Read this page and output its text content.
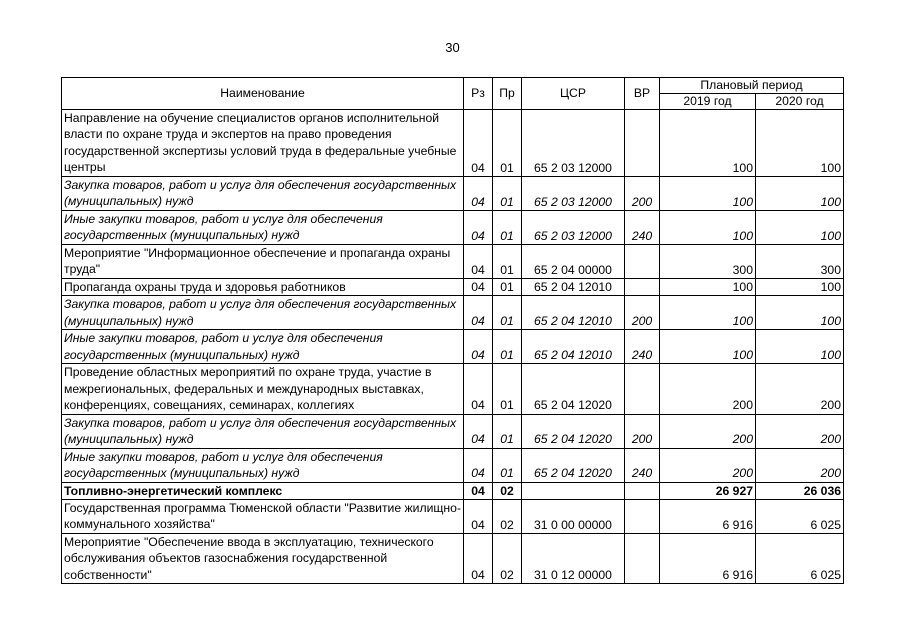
30
Наименование	Рз	Пр	ЦСР	ВР	Плановый период	
					2019 год	2020 год
Направление на обучение специалистов органов исполнительной власти по охране труда и экспертов на право проведения государственной экспертизы условий труда в федеральные учебные центры	04	01	65 2 03 12000		100	100
Закупка товаров, работ и услуг для обеспечения государственных (муниципальных) нужд	04	01	65 2 03 12000	200	100	100
Иные закупки товаров, работ и услуг для обеспечения государственных (муниципальных) нужд	04	01	65 2 03 12000	240	100	100
Мероприятие "Информационное обеспечение и пропаганда охраны труда"	04	01	65 2 04 00000		300	300
Пропаганда охраны труда и здоровья работников	04	01	65 2 04 12010		100	100
Закупка товаров, работ и услуг для обеспечения государственных (муниципальных) нужд	04	01	65 2 04 12010	200	100	100
Иные закупки товаров, работ и услуг для обеспечения государственных (муниципальных) нужд	04	01	65 2 04 12010	240	100	100
Проведение областных мероприятий по охране труда, участие в межрегиональных, федеральных и международных выставках, конференциях, совещаниях, семинарах, коллегиях	04	01	65 2 04 12020		200	200
Закупка товаров, работ и услуг для обеспечения государственных (муниципальных) нужд	04	01	65 2 04 12020	200	200	200
Иные закупки товаров, работ и услуг для обеспечения государственных (муниципальных) нужд	04	01	65 2 04 12020	240	200	200
Топливно-энергетический комплекс	04	02			26 927	26 036
Государственная программа Тюменской области "Развитие жилищно-коммунального хозяйства"	04	02	31 0 00 00000		6 916	6 025
Мероприятие "Обеспечение ввода в эксплуатацию, технического обслуживания объектов газоснабжения государственной собственности"	04	02	31 0 12 00000		6 916	6 025
